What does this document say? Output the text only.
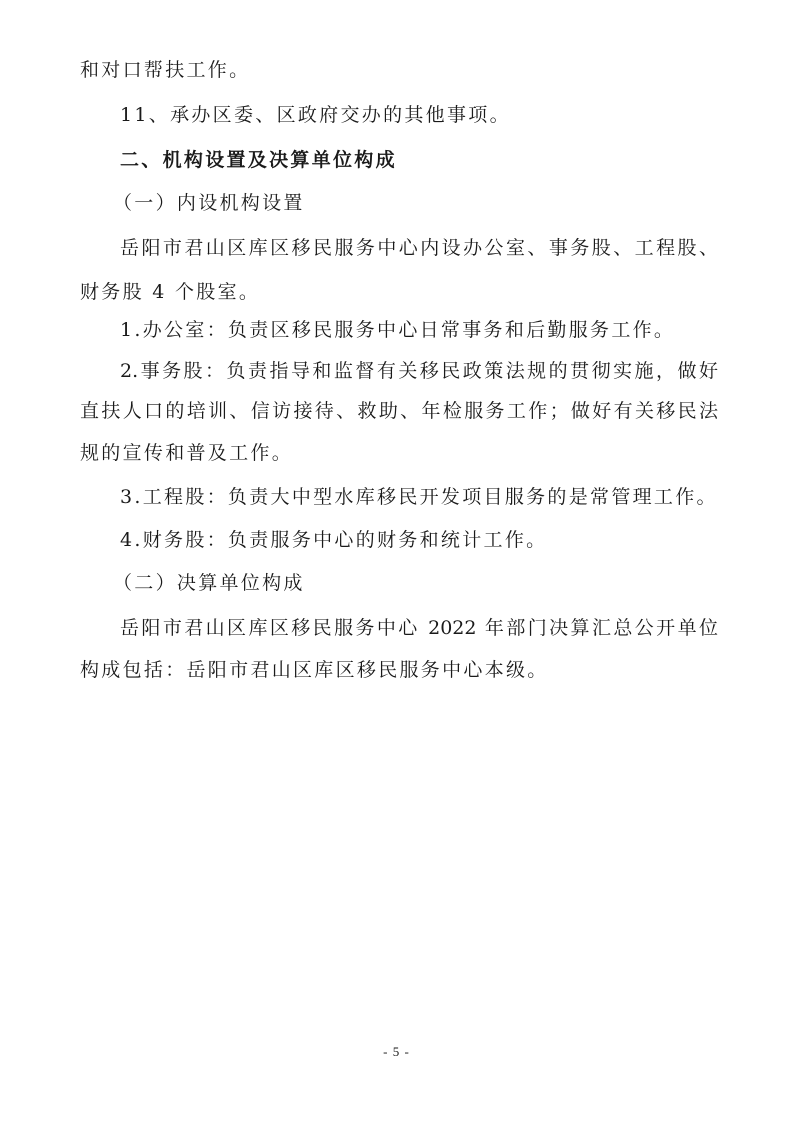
和对口帮扶工作。
11、承办区委、区政府交办的其他事项。
二、机构设置及决算单位构成
（一）内设机构设置
岳阳市君山区库区移民服务中心内设办公室、事务股、工程股、
财务股 4 个股室。
1.办公室：负责区移民服务中心日常事务和后勤服务工作。
2.事务股：负责指导和监督有关移民政策法规的贯彻实施，做好
直扶人口的培训、信访接待、救助、年检服务工作；做好有关移民法
规的宣传和普及工作。
3.工程股：负责大中型水库移民开发项目服务的是常管理工作。
4.财务股：负责服务中心的财务和统计工作。
（二）决算单位构成
岳阳市君山区库区移民服务中心 2022 年部门决算汇总公开单位
构成包括：岳阳市君山区库区移民服务中心本级。
- 5 -
